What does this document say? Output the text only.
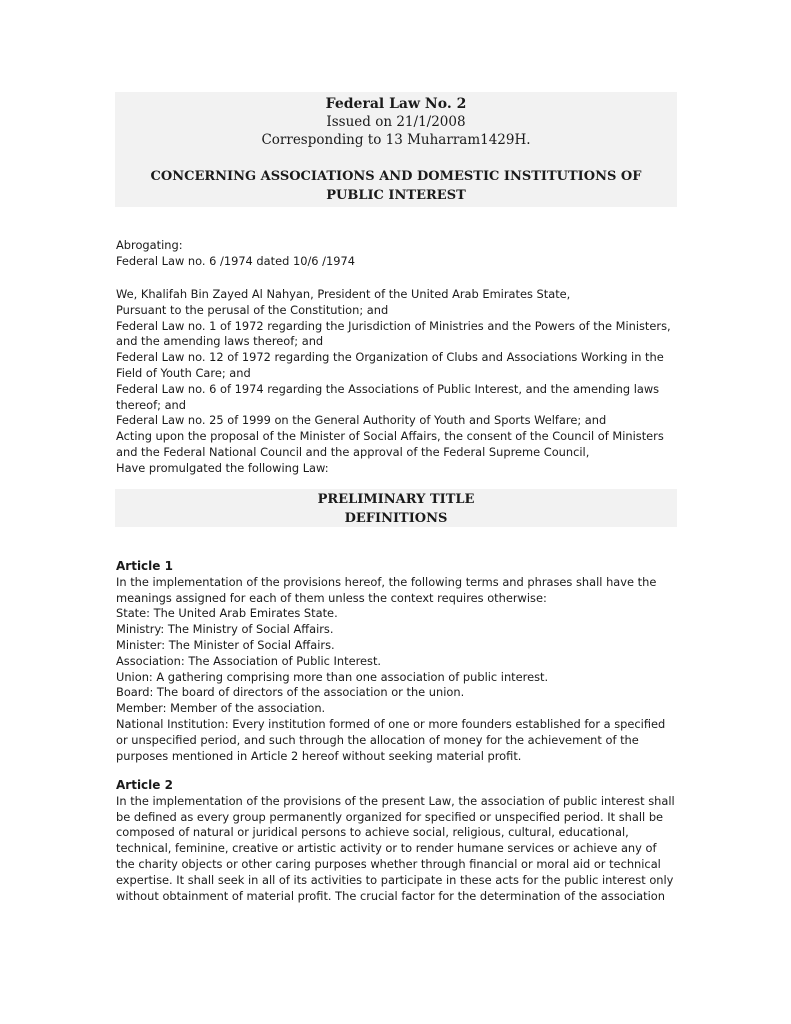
Federal Law No. 2
Issued on 21/1/2008
Corresponding to 13 Muharram1429H.
CONCERNING ASSOCIATIONS AND DOMESTIC INSTITUTIONS OF PUBLIC INTEREST

Abrogating:

Federal Law no. 6 /1974 dated 10/6 /1974

We, Khalifah Bin Zayed Al Nahyan, President of the United Arab Emirates State,

Pursuant to the perusal of the Constitution; and

Federal Law no. 1 of 1972 regarding the Jurisdiction of Ministries and the Powers of the Ministers, and the amending laws thereof; and

Federal Law no. 12 of 1972 regarding the Organization of Clubs and Associations Working in the Field of Youth Care; and

Federal Law no. 6 of 1974 regarding the Associations of Public Interest, and the amending laws thereof; and

Federal Law no. 25 of 1999 on the General Authority of Youth and Sports Welfare; and

Acting upon the proposal of the Minister of Social Affairs, the consent of the Council of Ministers and the Federal National Council and the approval of the Federal Supreme Council,

Have promulgated the following Law:

PRELIMINARY TITLE
DEFINITIONS

Article 1

In the implementation of the provisions hereof, the following terms and phrases shall have the meanings assigned for each of them unless the context requires otherwise:

State: The United Arab Emirates State.

Ministry: The Ministry of Social Affairs.

Minister: The Minister of Social Affairs.

Association: The Association of Public Interest.

Union: A gathering comprising more than one association of public interest.

Board: The board of directors of the association or the union.

Member: Member of the association.

National Institution: Every institution formed of one or more founders established for a specified or unspecified period, and such through the allocation of money for the achievement of the purposes mentioned in Article 2 hereof without seeking material profit.

Article 2

In the implementation of the provisions of the present Law, the association of public interest shall be defined as every group permanently organized for specified or unspecified period. It shall be composed of natural or juridical persons to achieve social, religious, cultural, educational, technical, feminine, creative or artistic activity or to render humane services or achieve any of the charity objects or other caring purposes whether through financial or moral aid or technical expertise. It shall seek in all of its activities to participate in these acts for the public interest only without obtainment of material profit. The crucial factor for the determination of the association
